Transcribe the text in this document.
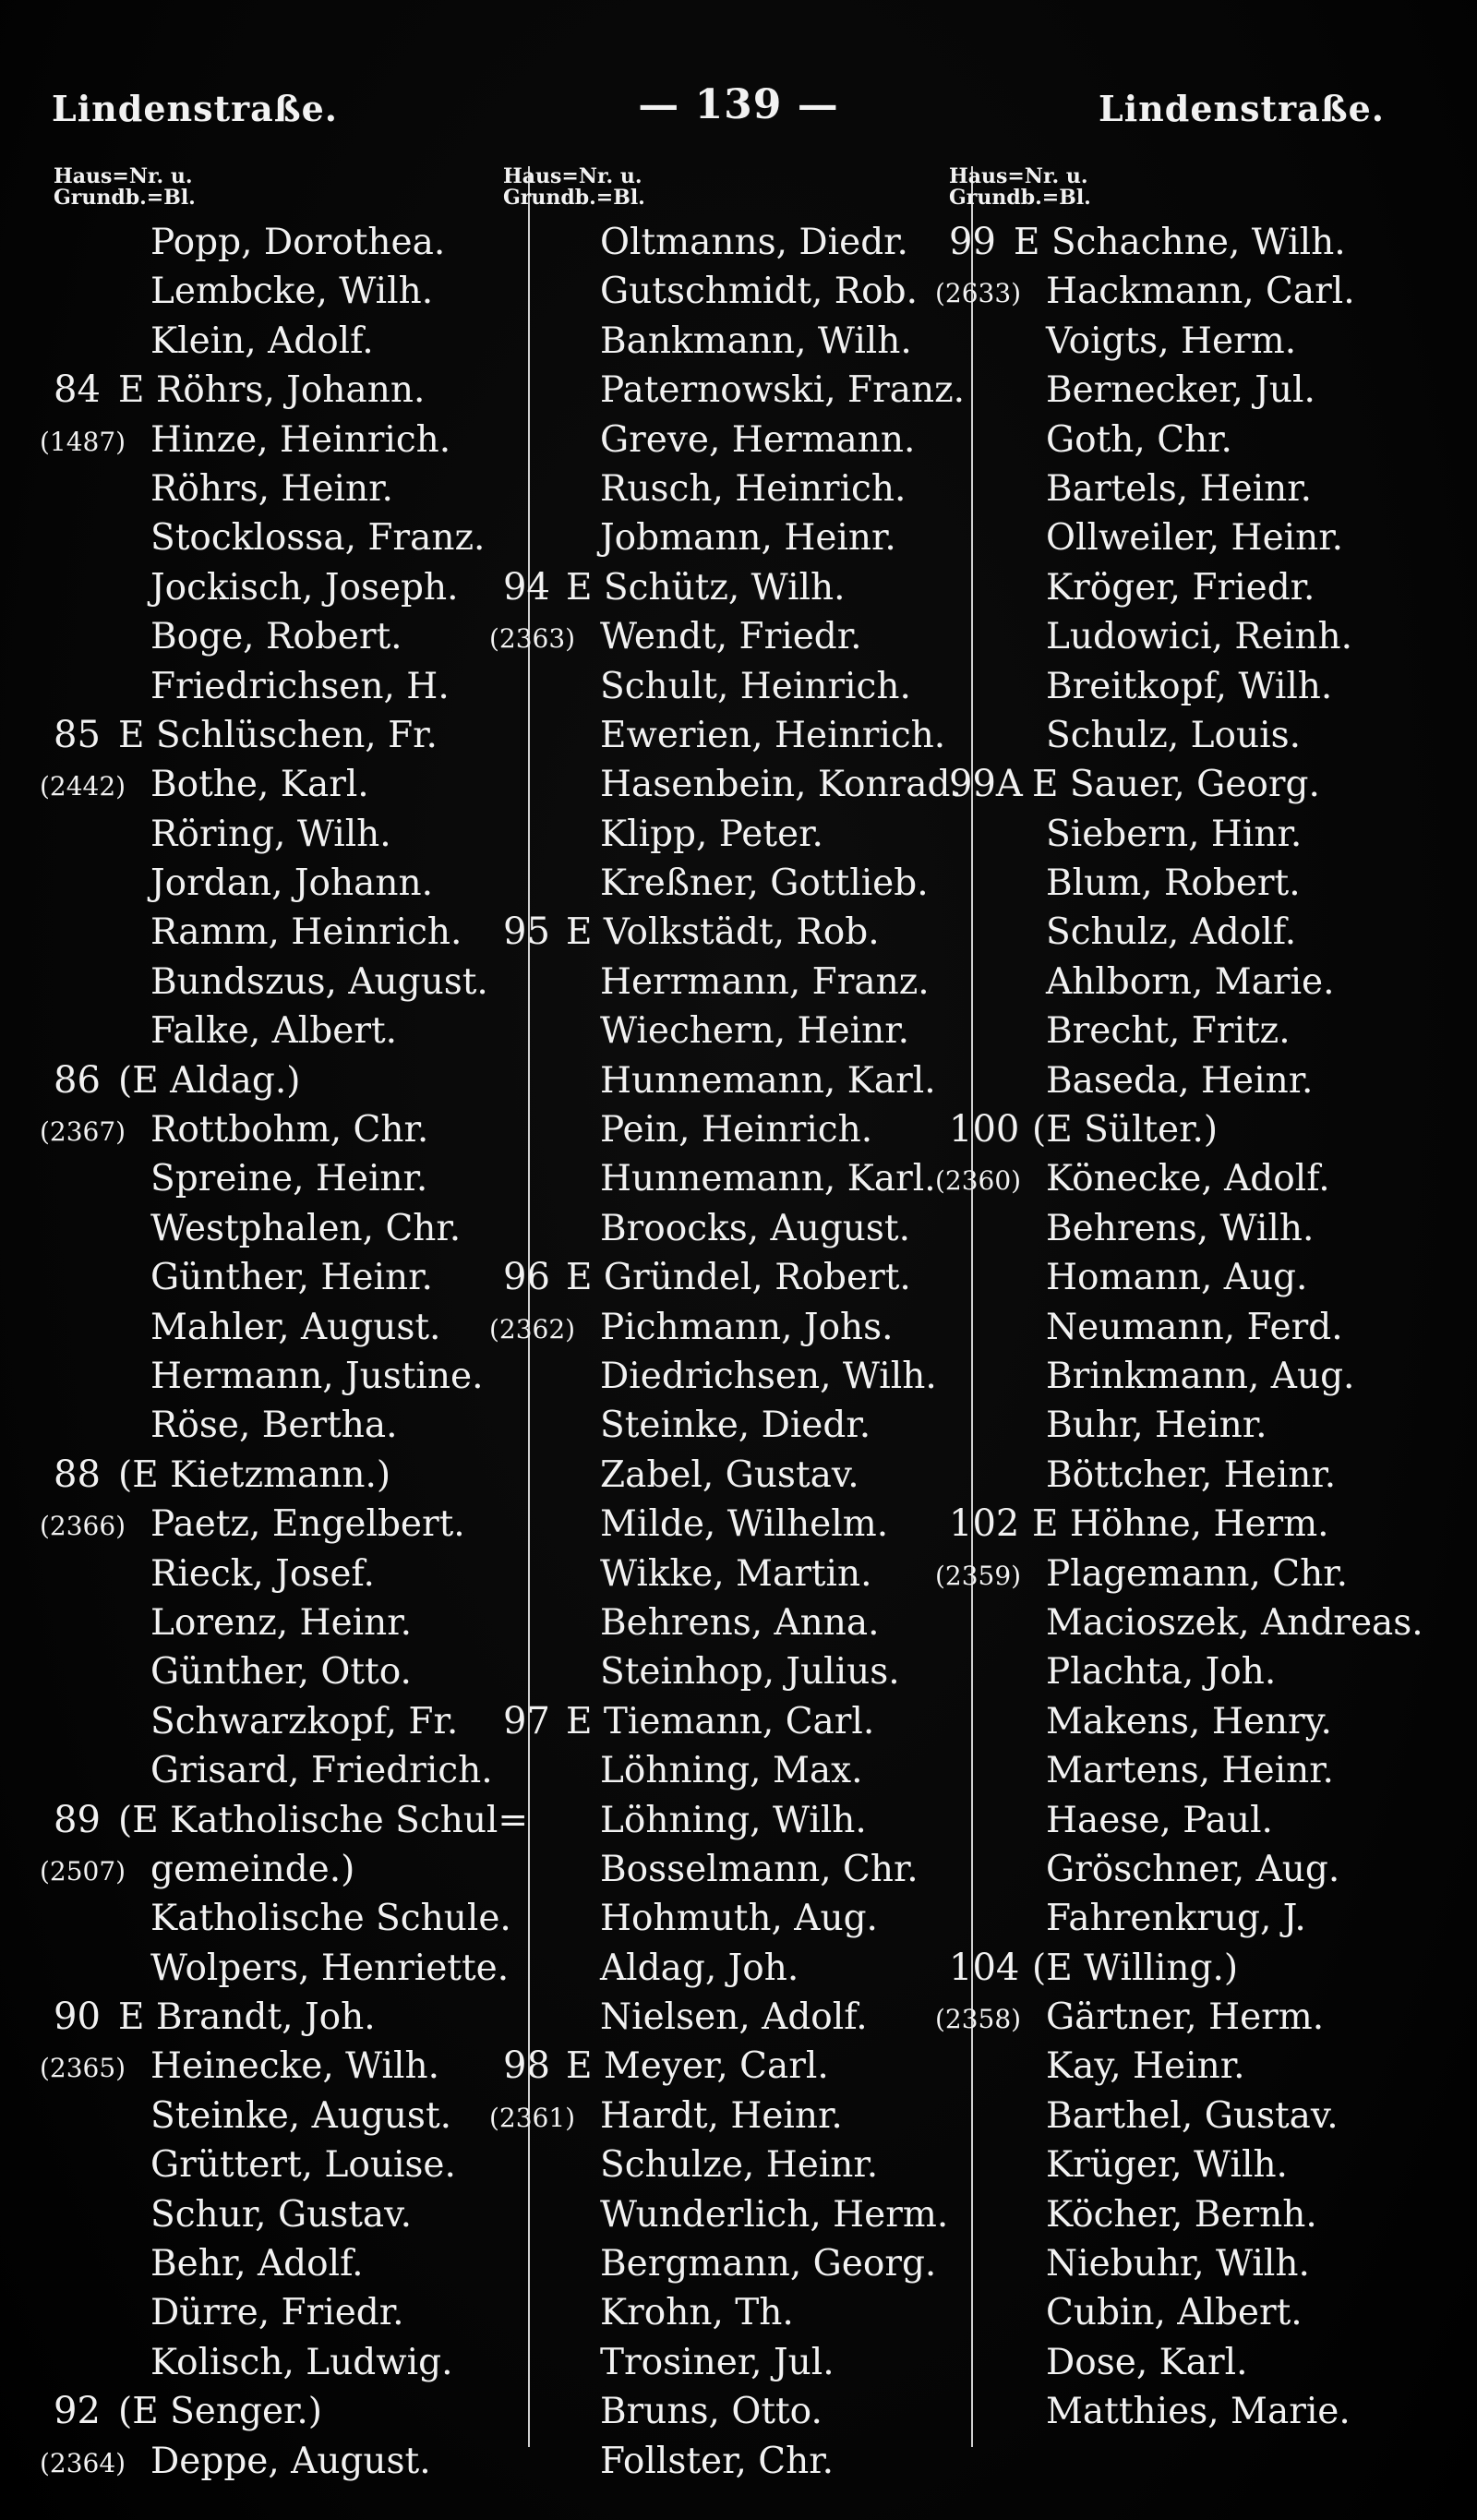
Lindenstraße.	— 139 —	Lindenstraße.
Haus=Nr. u.
Grundb.=Bl.
Popp, Dorothea.
Lembcke, Wilh.
Klein, Adolf.
84 E Röhrs, Johann.
(1487) Hinze, Heinrich.
Röhrs, Heinr.
Stocklossa, Franz.
Jockisch, Joseph.
Boge, Robert.
Friedrichsen, H.
85 E Schlüschen, Fr.
(2442) Bothe, Karl.
Röring, Wilh.
Jordan, Johann.
Ramm, Heinrich.
Bundszus, August.
Falke, Albert.
86 (E Aldag.)
(2367) Rottbohm, Chr.
Spreine, Heinr.
Westphalen, Chr.
Günther, Heinr.
Mahler, August.
Hermann, Justine.
Röse, Bertha.
88 (E Kietzmann.)
(2366) Paetz, Engelbert.
Rieck, Josef.
Lorenz, Heinr.
Günther, Otto.
Schwarzkopf, Fr.
Grisard, Friedrich.
89 (E Katholische Schul=
(2507) gemeinde.)
Katholische Schule.
Wolpers, Henriette.
90 E Brandt, Joh.
(2365) Heinecke, Wilh.
Steinke, August.
Grüttert, Louise.
Schur, Gustav.
Behr, Adolf.
Dürre, Friedr.
Kolisch, Ludwig.
92 (E Senger.)
(2364) Deppe, August.
Haus=Nr. u.
Grundb.=Bl.
Oltmanns, Diedr.
Gutschmidt, Rob.
Bankmann, Wilh.
Paternowski, Franz.
Greve, Hermann.
Rusch, Heinrich.
Jobmann, Heinr.
94 E Schütz, Wilh.
(2363) Wendt, Friedr.
Schult, Heinrich.
Ewerien, Heinrich.
Hasenbein, Konrad.
Klipp, Peter.
Kreßner, Gottlieb.
95 E Volkstädt, Rob.
Herrmann, Franz.
Wiechern, Heinr.
Hunnemann, Karl.
Pein, Heinrich.
Hunnemann, Karl.
Broocks, August.
96 E Gründel, Robert.
(2362) Pichmann, Johs.
Diedrichsen, Wilh.
Steinke, Diedr.
Zabel, Gustav.
Milde, Wilhelm.
Wikke, Martin.
Behrens, Anna.
Steinhop, Julius.
97 E Tiemann, Carl.
Löhning, Max.
Löhning, Wilh.
Bosselmann, Chr.
Hohmuth, Aug.
Aldag, Joh.
Nielsen, Adolf.
98 E Meyer, Carl.
(2361) Hardt, Heinr.
Schulze, Heinr.
Wunderlich, Herm.
Bergmann, Georg.
Krohn, Th.
Trosiner, Jul.
Bruns, Otto.
Follster, Chr.
Haus=Nr. u.
Grundb.=Bl.
99 E Schachne, Wilh.
(2633) Hackmann, Carl.
Voigts, Herm.
Bernecker, Jul.
Goth, Chr.
Bartels, Heinr.
Ollweiler, Heinr.
Kröger, Friedr.
Ludowici, Reinh.
Breitkopf, Wilh.
Schulz, Louis.
99A E Sauer, Georg.
Siebern, Hinr.
Blum, Robert.
Schulz, Adolf.
Ahlborn, Marie.
Brecht, Fritz.
Baseda, Heinr.
100 (E Sülter.)
(2360) Könecke, Adolf.
Behrens, Wilh.
Homann, Aug.
Neumann, Ferd.
Brinkmann, Aug.
Buhr, Heinr.
Böttcher, Heinr.
102 E Höhne, Herm.
(2359) Plagemann, Chr.
Macioszek, Andreas.
Plachta, Joh.
Makens, Henry.
Martens, Heinr.
Haese, Paul.
Gröschner, Aug.
Fahrenkrug, J.
104 (E Willing.)
(2358) Gärtner, Herm.
Kay, Heinr.
Barthel, Gustav.
Krüger, Wilh.
Köcher, Bernh.
Niebuhr, Wilh.
Cubin, Albert.
Dose, Karl.
Matthies, Marie.
